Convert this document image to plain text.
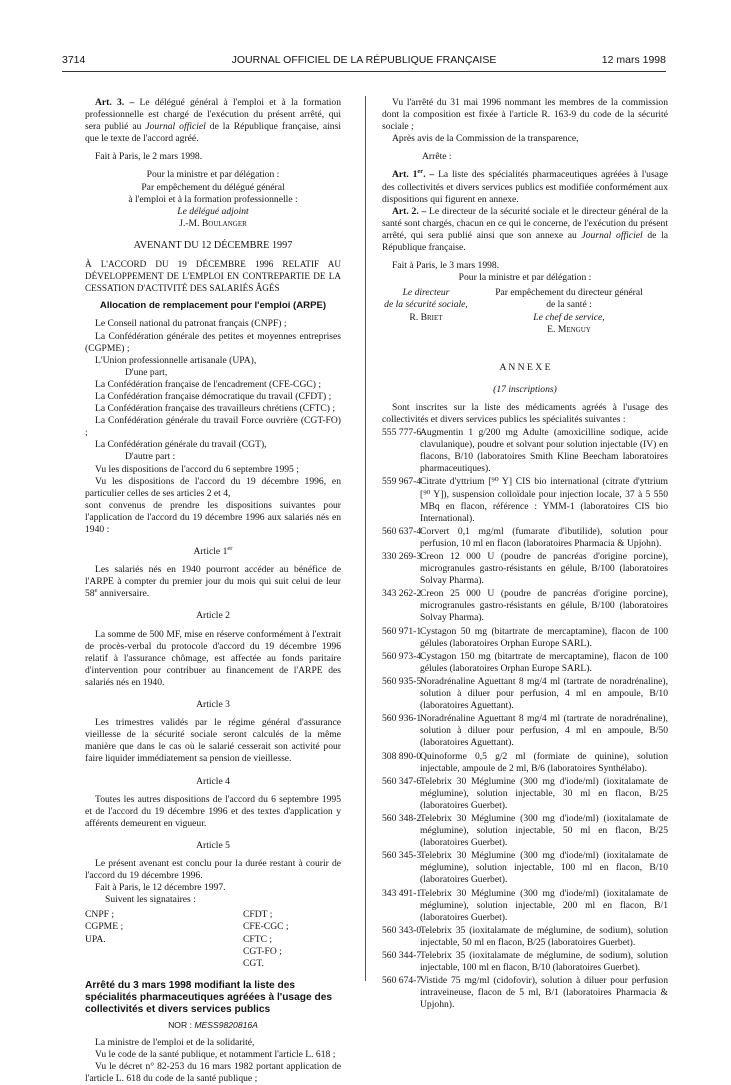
3714	JOURNAL OFFICIEL DE LA RÉPUBLIQUE FRANÇAISE	12 mars 1998

Art. 3. – Le délégué général à l'emploi et à la formation professionnelle est chargé de l'exécution du présent arrêté, qui sera publié au Journal officiel de la République française, ainsi que le texte de l'accord agréé.

Fait à Paris, le 2 mars 1998.

Pour la ministre et par délégation :

Par empêchement du délégué général

à l'emploi et à la formation professionnelle :

Le délégué adjoint

J.-M. Boulanger

AVENANT DU 12 DÉCEMBRE 1997

À L'ACCORD DU 19 DÉCEMBRE 1996 RELATIF AU DÉVELOPPEMENT DE L'EMPLOI EN CONTREPARTIE DE LA CESSATION D'ACTIVITÉ DES SALARIÉS ÂGÉS

Allocation de remplacement pour l'emploi (ARPE)

Le Conseil national du patronat français (CNPF) ;

La Confédération générale des petites et moyennes entreprises (CGPME) ;

L'Union professionnelle artisanale (UPA),

D'une part,

La Confédération française de l'encadrement (CFE-CGC) ;

La Confédération française démocratique du travail (CFDT) ;

La Confédération française des travailleurs chrétiens (CFTC) ;

La Confédération générale du travail Force ouvrière (CGT-FO) ;

La Confédération générale du travail (CGT),

D'autre part :

Vu les dispositions de l'accord du 6 septembre 1995 ;

Vu les dispositions de l'accord du 19 décembre 1996, en particulier celles de ses articles 2 et 4,

sont convenus de prendre les dispositions suivantes pour l'application de l'accord du 19 décembre 1996 aux salariés nés en 1940 :

Article 1er

Les salariés nés en 1940 pourront accéder au bénéfice de l'ARPE à compter du premier jour du mois qui suit celui de leur 58e anniversaire.

Article 2

La somme de 500 MF, mise en réserve conformément à l'extrait de procès-verbal du protocole d'accord du 19 décembre 1996 relatif à l'assurance chômage, est affectée au fonds paritaire d'intervention pour contribuer au financement de l'ARPE des salariés nés en 1940.

Article 3

Les trimestres validés par le régime général d'assurance vieillesse de la sécurité sociale seront calculés de la même manière que dans le cas où le salarié cesserait son activité pour faire liquider immédiatement sa pension de vieillesse.

Article 4

Toutes les autres dispositions de l'accord du 6 septembre 1995 et de l'accord du 19 décembre 1996 et des textes d'application y afférents demeurent en vigueur.

Article 5

Le présent avenant est conclu pour la durée restant à courir de l'accord du 19 décembre 1996.

Fait à Paris, le 12 décembre 1997.

Suivent les signataires :

CNPF ;
CGPME ;
UPA.
CFDT ;
CFE-CGC ;
CFTC ;
CGT-FO ;
CGT.

Arrêté du 3 mars 1998 modifiant la liste des spécialités pharmaceutiques agréées à l'usage des collectivités et divers services publics

NOR : MESS9820816A

La ministre de l'emploi et de la solidarité,

Vu le code de la santé publique, et notamment l'article L. 618 ;

Vu le décret n° 82-253 du 16 mars 1982 portant application de l'article L. 618 du code de la santé publique ;

Vu l'arrêté du 31 mai 1996 nommant les membres de la commission dont la composition est fixée à l'article R. 163-9 du code de la sécurité sociale ;

Après avis de la Commission de la transparence,

Arrête :

Art. 1er. – La liste des spécialités pharmaceutiques agréées à l'usage des collectivités et divers services publics est modifiée conformément aux dispositions qui figurent en annexe.

Art. 2. – Le directeur de la sécurité sociale et le directeur général de la santé sont chargés, chacun en ce qui le concerne, de l'exécution du présent arrêté, qui sera publié ainsi que son annexe au Journal officiel de la République française.

Fait à Paris, le 3 mars 1998.

Pour la ministre et par délégation :

Le directeur
de la sécurité sociale,
R. Briet
Par empêchement du directeur général
de la santé :
Le chef de service,
E. Menguy

A N N E X E

(17 inscriptions)

Sont inscrites sur la liste des médicaments agréés à l'usage des collectivités et divers services publics les spécialités suivantes :

555 777-6
Augmentin 1 g/200 mg Adulte (amoxicilline sodique, acide clavulanique), poudre et solvant pour solution injectable (IV) en flacons, B/10 (laboratoires Smith Kline Beecham laboratoires pharmaceutiques).
559 967-4
Citrate d'yttrium [⁹⁰ Y] CIS bio international (citrate d'yttrium [⁹⁰ Y]), suspension colloïdale pour injection locale, 37 à 5 550 MBq en flacon, référence : YMM-1 (laboratoires CIS bio International).
560 637-4
Corvert 0,1 mg/ml (fumarate d'ibutilide), solution pour perfusion, 10 ml en flacon (laboratoires Pharmacia & Upjohn).
330 269-3
Creon 12 000 U (poudre de pancréas d'origine porcine), microgranules gastro-résistants en gélule, B/100 (laboratoires Solvay Pharma).
343 262-2
Creon 25 000 U (poudre de pancréas d'origine porcine), microgranules gastro-résistants en gélule, B/100 (laboratoires Solvay Pharma).
560 971-1
Cystagon 50 mg (bitartrate de mercaptamine), flacon de 100 gélules (laboratoires Orphan Europe SARL).
560 973-4
Cystagon 150 mg (bitartrate de mercaptamine), flacon de 100 gélules (laboratoires Orphan Europe SARL).
560 935-5
Noradrénaline Aguettant 8 mg/4 ml (tartrate de noradrénaline), solution à diluer pour perfusion, 4 ml en ampoule, B/10 (laboratoires Aguettant).
560 936-1
Noradrénaline Aguettant 8 mg/4 ml (tartrate de noradrénaline), solution à diluer pour perfusion, 4 ml en ampoule, B/50 (laboratoires Aguettant).
308 890-0
Quinoforme 0,5 g/2 ml (formiate de quinine), solution injectable, ampoule de 2 ml, B/6 (laboratoires Synthélabo).
560 347-6
Telebrix 30 Méglumine (300 mg d'iode/ml) (ioxitalamate de méglumine), solution injectable, 30 ml en flacon, B/25 (laboratoires Guerbet).
560 348-2
Telebrix 30 Méglumine (300 mg d'iode/ml) (ioxitalamate de méglumine), solution injectable, 50 ml en flacon, B/25 (laboratoires Guerbet).
560 345-3
Telebrix 30 Méglumine (300 mg d'iode/ml) (ioxitalamate de méglumine), solution injectable, 100 ml en flacon, B/10 (laboratoires Guerbet).
343 491-1
Telebrix 30 Méglumine (300 mg d'iode/ml) (ioxitalamate de méglumine), solution injectable, 200 ml en flacon, B/1 (laboratoires Guerbet).
560 343-0
Telebrix 35 (ioxitalamate de méglumine, de sodium), solution injectable, 50 ml en flacon, B/25 (laboratoires Guerbet).
560 344-7
Telebrix 35 (ioxitalamate de méglumine, de sodium), solution injectable, 100 ml en flacon, B/10 (laboratoires Guerbet).
560 674-7
Vistide 75 mg/ml (cidofovir), solution à diluer pour perfusion intraveineuse, flacon de 5 ml, B/1 (laboratoires Pharmacia & Upjohn).
